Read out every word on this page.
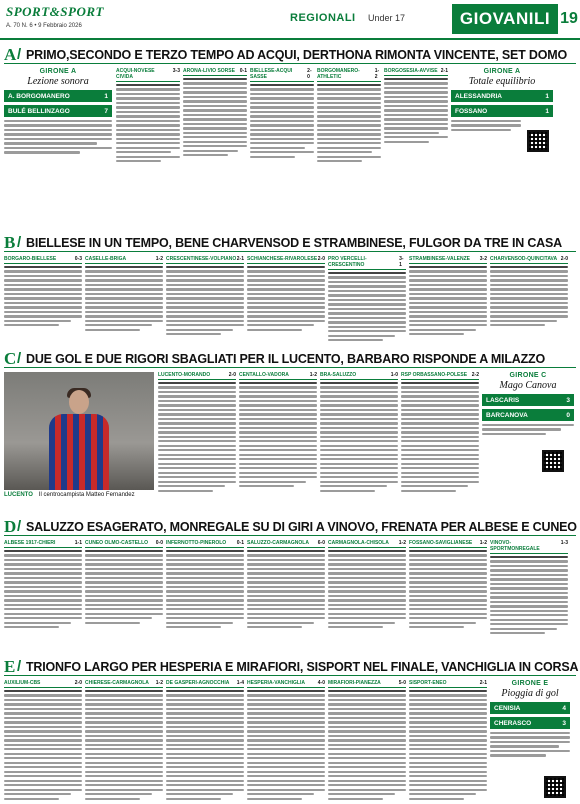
SPORT&SPORT
A. 70 N. 6 • 9 Febbraio 2026
REGIONALI Under 17	GIOVANILI 19
A / PRIMO,SECONDO E TERZO TEMPO AD ACQUI, DERTHONA RIMONTA VINCENTE, SET DOMO
GIRONE A
Lezione sonora
A. BORGOMANERO	1
BULÉ BELLINZAGO	7
ACQUI-NOVESE CIVIDA
3-3 ARONA-LIVIO SORSE 0-1 BIELLESE-ACQUI SASSE
2-0
BORGOMANERO-ATHLETIC
1-2
BORGOSESIA-AVVISE 2-1	GIRONE A
Totale equilibrio
ALESSANDRIA	1
FOSSANO	1
B / BIELLESE IN UN TEMPO, BENE CHARVENSOD E STRAMBINESE, FULGOR DA TRE IN CASA
BORGARO-BIELLESE	0-3 CASELLE-BRIGA	1-2 CRESCENTINESE-VOLPIANO 2-1 SCHIANCHESE-RIVAROLESE 2-0 PRO VERCELLI-CRESCENTINO
3-1
STRAMBINESE-VALENZE 3-2 CHARVENSOD-QUINCITAVA 2-0
C / DUE GOL E DUE RIGORI SBAGLIATI PER IL LUCENTO, BARBARO RISPONDE A MILAZZO
LUCENTO Il centrocampista Matteo Fernandez
LUCENTO-MORANDO	2-0 CENTALLO-VADORA	1-2 BRA-SALUZZO	1-0 RSP ORBASSANO-POLESE 2-2	GIRONE C
Mago Canova
LASCARIS	3
BARCANOVA	0
D / SALUZZO ESAGERATO, MONREGALE SU DI GIRI A VINOVO, FRENATA PER ALBESE E CUNEO
ALBESE 1917-CHIERI	1-1 CUNEO OLMO-CASTELLO 0-0 INFERNOTTO-PINEROLO 0-1 SALUZZO-CARMAGNOLA 6-0 CARMAGNOLA-CHISOLA 1-2 FOSSANO-SAVIGLIANESE 1-2 VINOVO-SPORTMONREGALE
1-3
E / TRIONFO LARGO PER HESPERIA E MIRAFIORI, SISPORT NEL FINALE, VANCHIGLIA IN CORSA
AUXILIUM-CBS	2-0 CHIERESE-CARMAGNOLA 1-2 DE GASPERI-AGNOCCHIA 1-4 HESPERIA-VANCHIGLIA	4-0 MIRAFIORI-PIANEZZA	5-0 SISPORT-ENEO	2-1	GIRONE E
Pioggia di gol
CENISIA	4
CHERASCO	3
